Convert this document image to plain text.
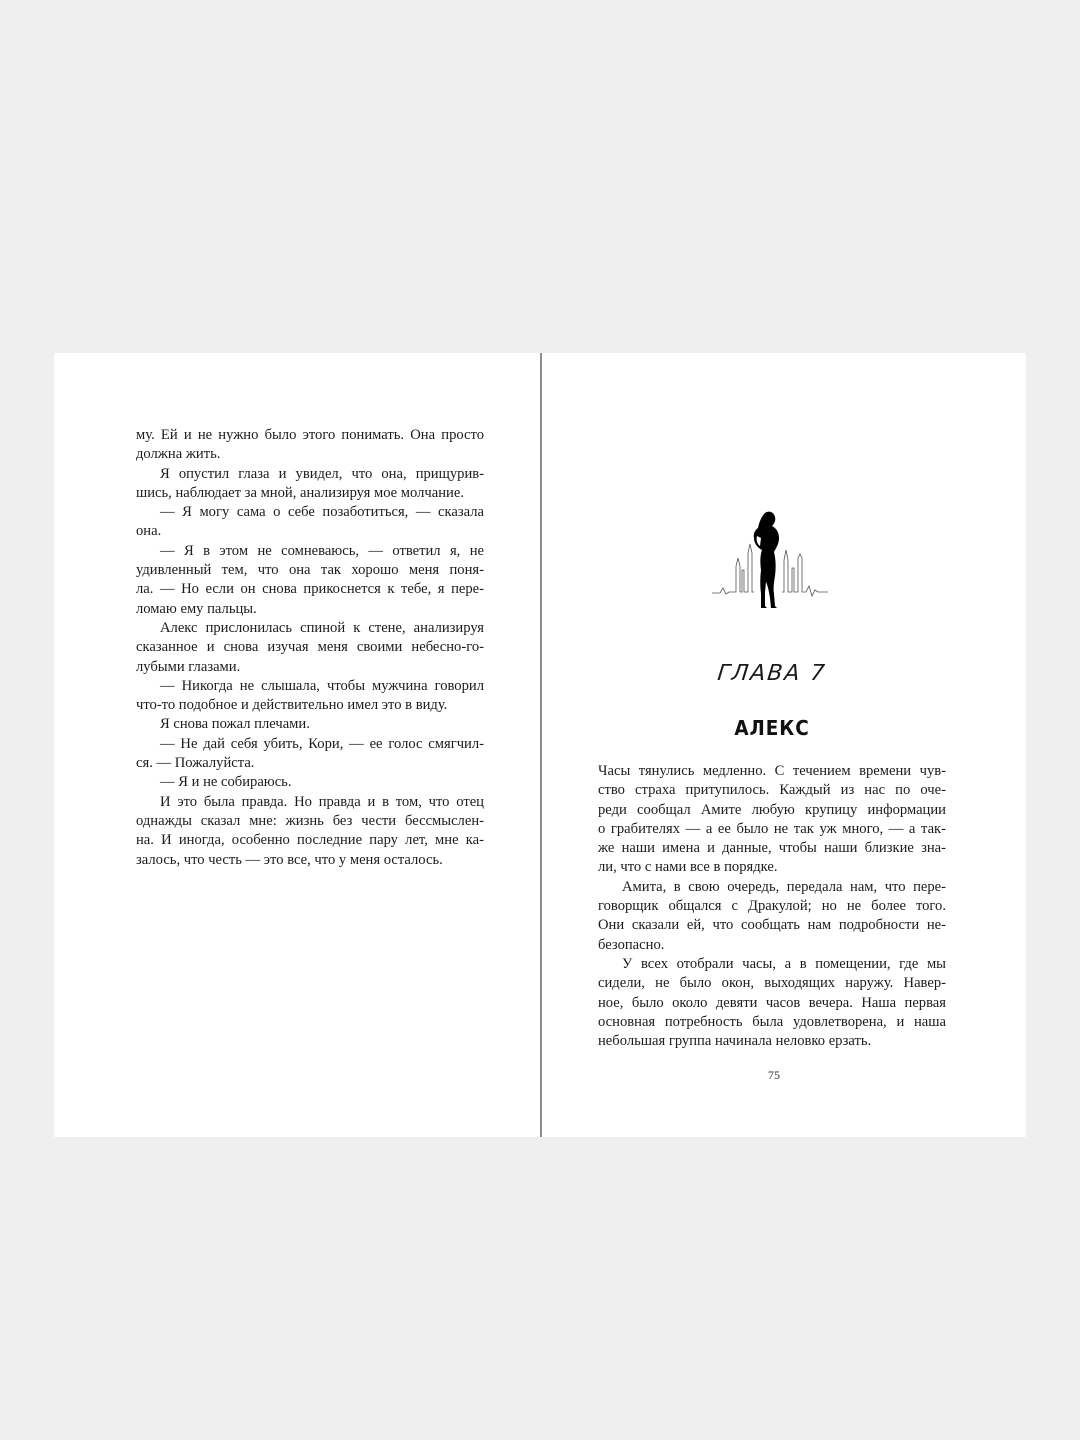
му. Ей и не нужно было этого понимать. Она просто
должна жить.
Я опустил глаза и увидел, что она, прищурив-
шись, наблюдает за мной, анализируя мое молчание.
— Я могу сама о себе позаботиться, — сказала
она.
— Я в этом не сомневаюсь, — ответил я, не
удивленный тем, что она так хорошо меня поня-
ла. — Но если он снова прикоснется к тебе, я пере-
ломаю ему пальцы.
Алекс прислонилась спиной к стене, анализируя
сказанное и снова изучая меня своими небесно-го-
лубыми глазами.
— Никогда не слышала, чтобы мужчина говорил
что-то подобное и действительно имел это в виду.
Я снова пожал плечами.
— Не дай себя убить, Кори, — ее голос смягчил-
ся. — Пожалуйста.
— Я и не собираюсь.
И это была правда. Но правда и в том, что отец
однажды сказал мне: жизнь без чести бессмыслен-
на. И иногда, особенно последние пару лет, мне ка-
залось, что честь — это все, что у меня осталось.
ГЛАВА 7
АЛЕКС
Часы тянулись медленно. С течением времени чув-
ство страха притупилось. Каждый из нас по оче-
реди сообщал Амите любую крупицу информации
о грабителях — а ее было не так уж много, — а так-
же наши имена и данные, чтобы наши близкие зна-
ли, что с нами все в порядке.
Амита, в свою очередь, передала нам, что пере-
говорщик общался с Дракулой; но не более того.
Они сказали ей, что сообщать нам подробности не-
безопасно.
У всех отобрали часы, а в помещении, где мы
сидели, не было окон, выходящих наружу. Навер-
ное, было около девяти часов вечера. Наша первая
основная потребность была удовлетворена, и наша
небольшая группа начинала неловко ерзать.
75
